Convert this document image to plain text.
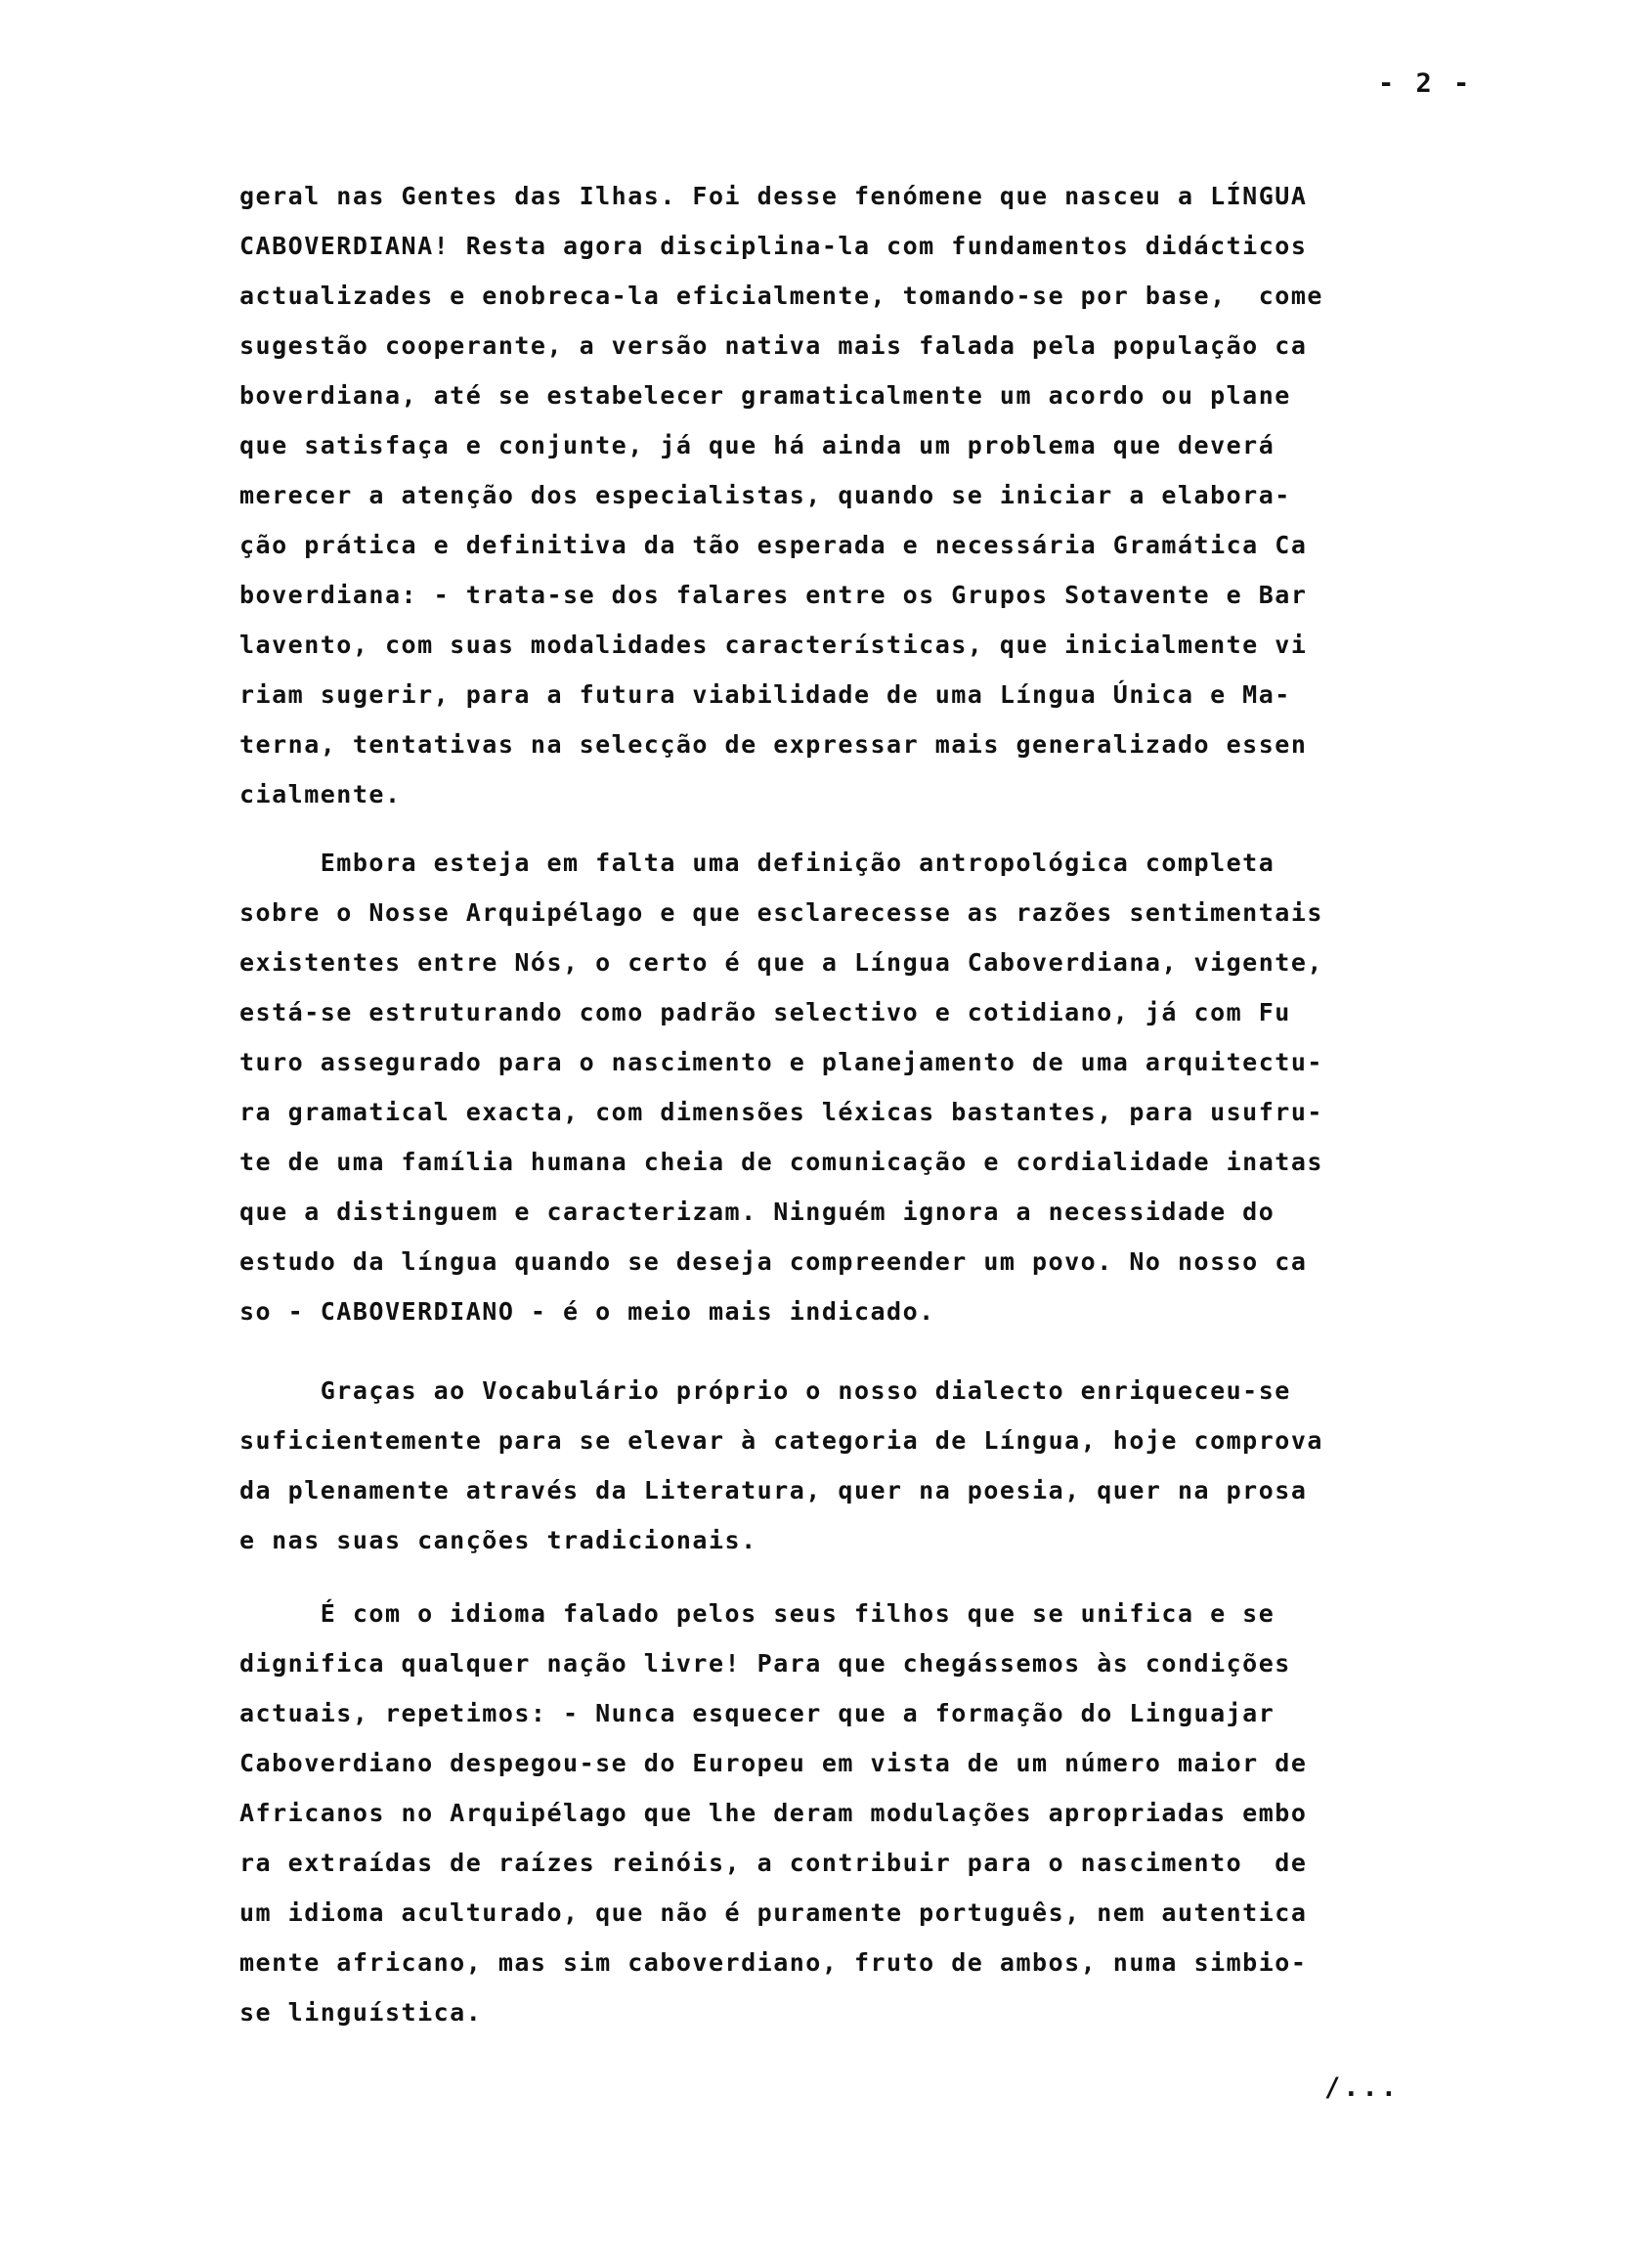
- 2 -

geral nas Gentes das Ilhas. Foi desse fenómene que nasceu a LÍNGUA
CABOVERDIANA! Resta agora disciplina-la com fundamentos didácticos
actualizades e enobreca-la eficialmente, tomando-se por base,  come
sugestão cooperante, a versão nativa mais falada pela população ca
boverdiana, até se estabelecer gramaticalmente um acordo ou plane
que satisfaça e conjunte, já que há ainda um problema que deverá
merecer a atenção dos especialistas, quando se iniciar a elabora-
ção prática e definitiva da tão esperada e necessária Gramática Ca
boverdiana: - trata-se dos falares entre os Grupos Sotavente e Bar
lavento, com suas modalidades características, que inicialmente vi
riam sugerir, para a futura viabilidade de uma Língua Única e Ma-
terna, tentativas na selecção de expressar mais generalizado essen
cialmente.

Embora esteja em falta uma definição antropológica completa
sobre o Nosse Arquipélago e que esclarecesse as razões sentimentais
existentes entre Nós, o certo é que a Língua Caboverdiana, vigente,
está-se estruturando como padrão selectivo e cotidiano, já com Fu
turo assegurado para o nascimento e planejamento de uma arquitectu-
ra gramatical exacta, com dimensões léxicas bastantes, para usufru-
te de uma família humana cheia de comunicação e cordialidade inatas
que a distinguem e caracterizam. Ninguém ignora a necessidade do
estudo da língua quando se deseja compreender um povo. No nosso ca
so - CABOVERDIANO - é o meio mais indicado.

Graças ao Vocabulário próprio o nosso dialecto enriqueceu-se
suficientemente para se elevar à categoria de Língua, hoje comprova
da plenamente através da Literatura, quer na poesia, quer na prosa
e nas suas canções tradicionais.

É com o idioma falado pelos seus filhos que se unifica e se
dignifica qualquer nação livre! Para que chegássemos às condições
actuais, repetimos: - Nunca esquecer que a formação do Linguajar
Caboverdiano despegou-se do Europeu em vista de um número maior de
Africanos no Arquipélago que lhe deram modulações apropriadas embo
ra extraídas de raízes reinóis, a contribuir para o nascimento  de
um idioma aculturado, que não é puramente português, nem autentica
mente africano, mas sim caboverdiano, fruto de ambos, numa simbio-
se linguística.

/...
